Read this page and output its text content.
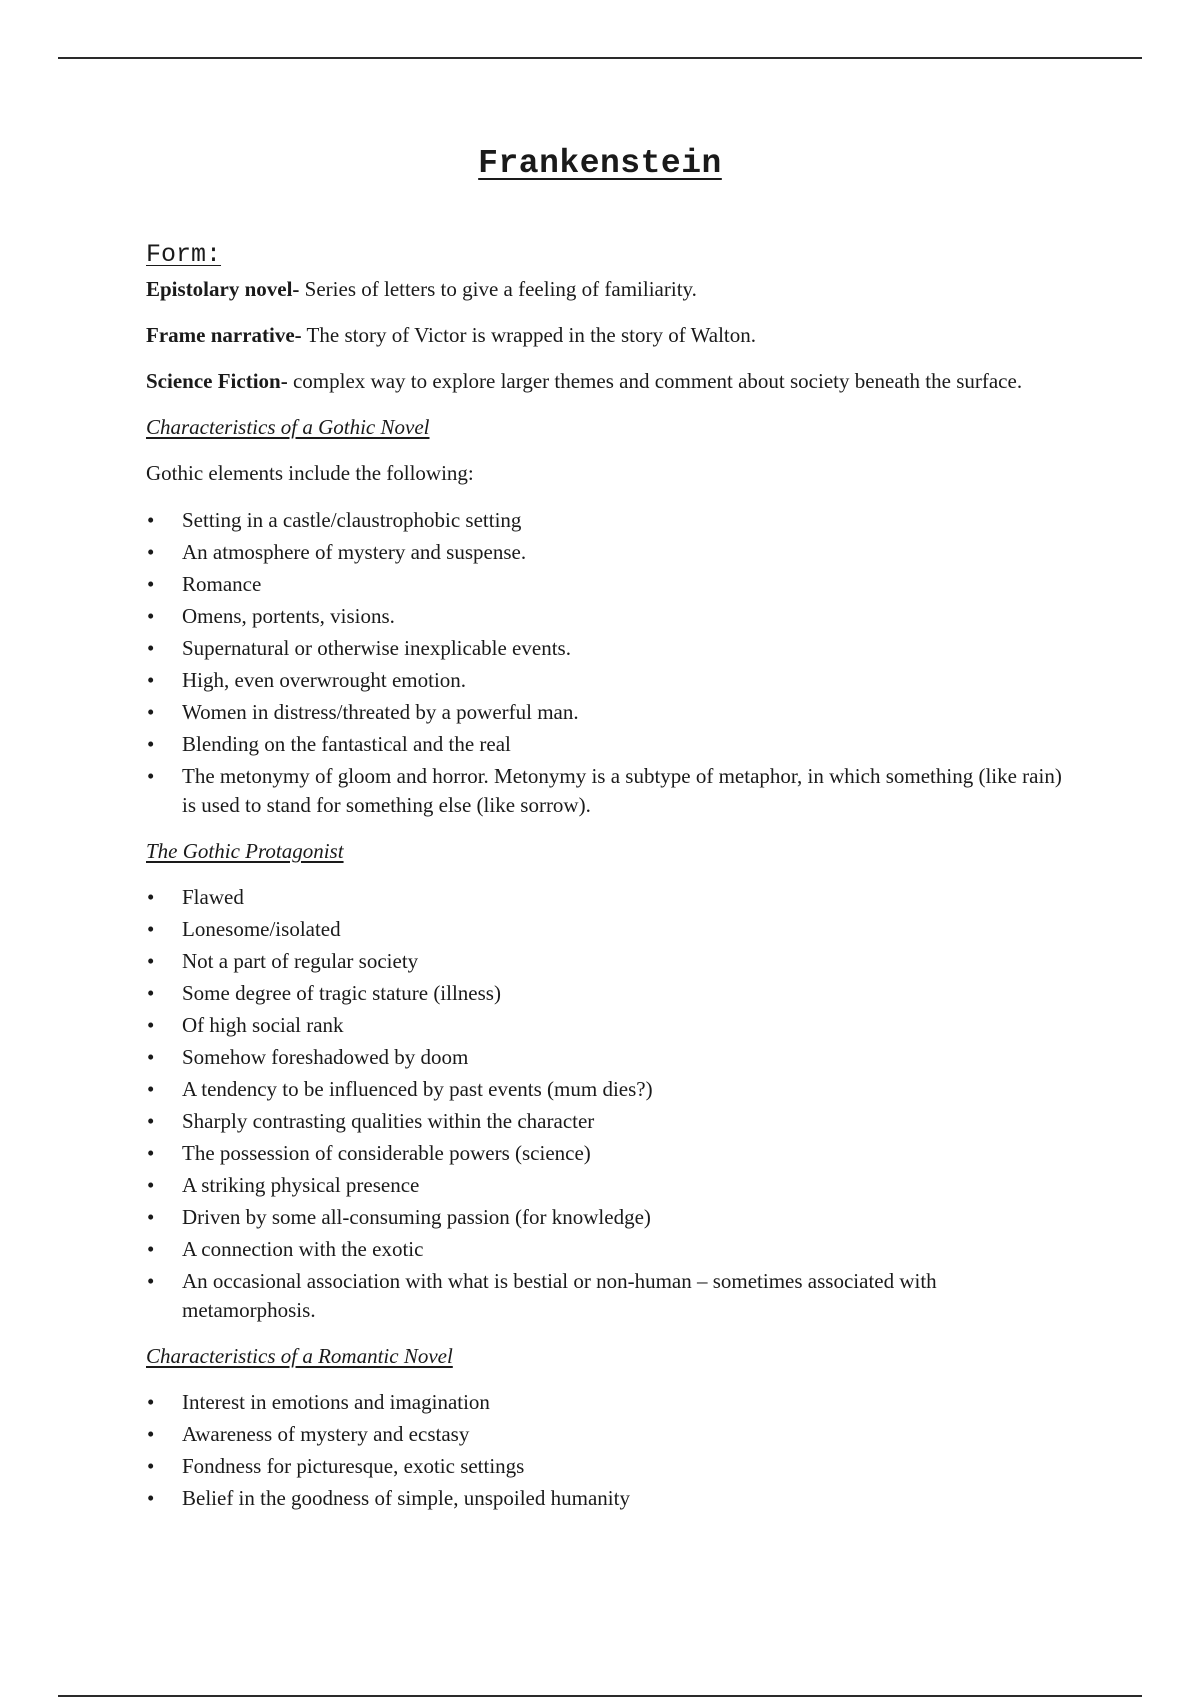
Frankenstein
Form:

Epistolary novel- Series of letters to give a feeling of familiarity.

Frame narrative- The story of Victor is wrapped in the story of Walton.

Science Fiction- complex way to explore larger themes and comment about society beneath the surface.

Characteristics of a Gothic Novel

Gothic elements include the following:

• Setting in a castle/claustrophobic setting
• An atmosphere of mystery and suspense.
• Romance
• Omens, portents, visions.
• Supernatural or otherwise inexplicable events.
• High, even overwrought emotion.
• Women in distress/threated by a powerful man.
• Blending on the fantastical and the real
• The metonymy of gloom and horror. Metonymy is a subtype of metaphor, in which something (like rain) is used to stand for something else (like sorrow).
The Gothic Protagonist
• Flawed
• Lonesome/isolated
• Not a part of regular society
• Some degree of tragic stature (illness)
• Of high social rank
• Somehow foreshadowed by doom
• A tendency to be influenced by past events (mum dies?)
• Sharply contrasting qualities within the character
• The possession of considerable powers (science)
• A striking physical presence
• Driven by some all-consuming passion (for knowledge)
• A connection with the exotic
• An occasional association with what is bestial or non-human – sometimes associated with metamorphosis.
Characteristics of a Romantic Novel
• Interest in emotions and imagination
• Awareness of mystery and ecstasy
• Fondness for picturesque, exotic settings
• Belief in the goodness of simple, unspoiled humanity
